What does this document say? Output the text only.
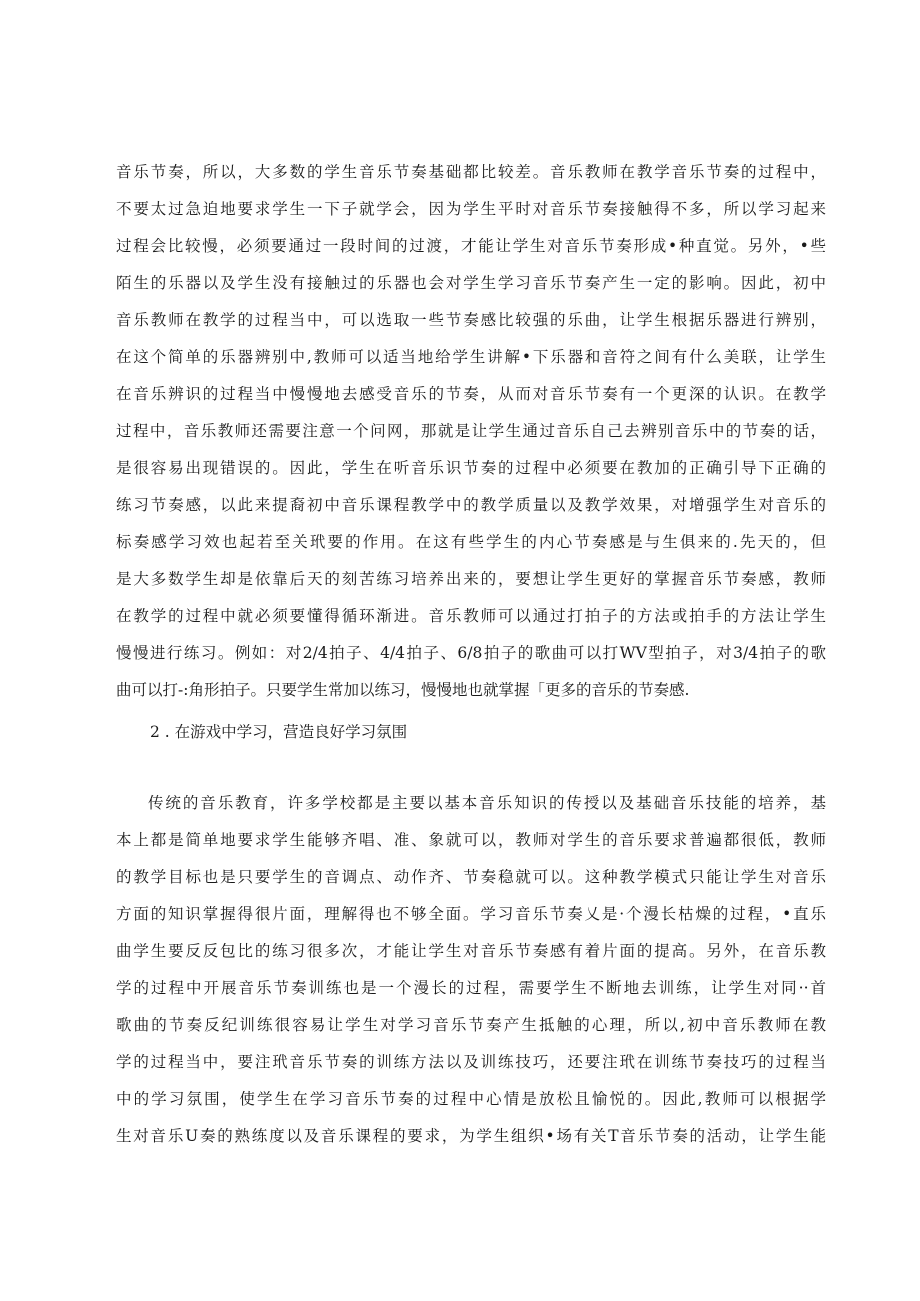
音乐节奏，所以，大多数的学生音乐节奏基础都比较差。音乐教师在教学音乐节奏的过程中，
不要太过急迫地要求学生一下子就学会，因为学生平时对音乐节奏接触得不多，所以学习起来
过程会比较慢，必须要通过一段时间的过渡，才能让学生对音乐节奏形成•种直觉。另外，•些
陌生的乐器以及学生没有接触过的乐器也会对学生学习音乐节奏产生一定的影响。因此，初中
音乐教师在教学的过程当中，可以选取一些节奏感比较强的乐曲，让学生根据乐器进行辨别，
在这个简单的乐器辨别中,教师可以适当地给学生讲解•下乐器和音符之间有什么美联，让学生
在音乐辨识的过程当中慢慢地去感受音乐的节奏，从而对音乐节奏有一个更深的认识。在教学
过程中，音乐教师还需要注意一个问网，那就是让学生通过音乐自己去辨别音乐中的节奏的话，
是很容易出现错误的。因此，学生在听音乐识节奏的过程中必须要在教加的正确引导下正确的
练习节奏感，以此来提裔初中音乐课程教学中的教学质量以及教学效果，对增强学生对音乐的
标奏感学习效也起若至关玳要的作用。在这有些学生的内心节奏感是与生俱来的.先天的，但
是大多数学生却是依靠后天的刻苦练习培养出来的，要想让学生更好的掌握音乐节奏感，教师
在教学的过程中就必须要懂得循环渐进。音乐教师可以通过打拍子的方法或拍手的方法让学生
慢慢进行练习。例如：对2/4拍子、4/4拍子、6/8拍子的歌曲可以打WV型拍子，对3/4拍子的歌
曲可以打-:角形拍子。只要学生常加以练习，慢慢地也就掌握「更多的音乐的节奏感.
2 . 在游戏中学习，营造良好学习氛围
传统的音乐教育，许多学校都是主要以基本音乐知识的传授以及基础音乐技能的培养，基
本上都是简单地要求学生能够齐唱、准、象就可以，教师对学生的音乐要求普遍都很低，教师
的教学目标也是只要学生的音调点、动作齐、节奏稳就可以。这种教学模式只能让学生对音乐
方面的知识掌握得很片面，理解得也不够全面。学习音乐节奏乂是·个漫长枯燥的过程，•直乐
曲学生要反反包比的练习很多次，才能让学生对音乐节奏感有着片面的提高。另外，在音乐教
学的过程中开展音乐节奏训练也是一个漫长的过程，需要学生不断地去训练，让学生对同··首
歌曲的节奏反纪训练很容易让学生对学习音乐节奏产生抵触的心理，所以,初中音乐教师在教
学的过程当中，要注玳音乐节奏的训练方法以及训练技巧，还要注玳在训练节奏技巧的过程当
中的学习氛围，使学生在学习音乐节奏的过程中心情是放松且愉悦的。因此,教师可以根据学
生对音乐U奏的熟练度以及音乐课程的要求，为学生组织•场有关T音乐节奏的活动，让学生能
